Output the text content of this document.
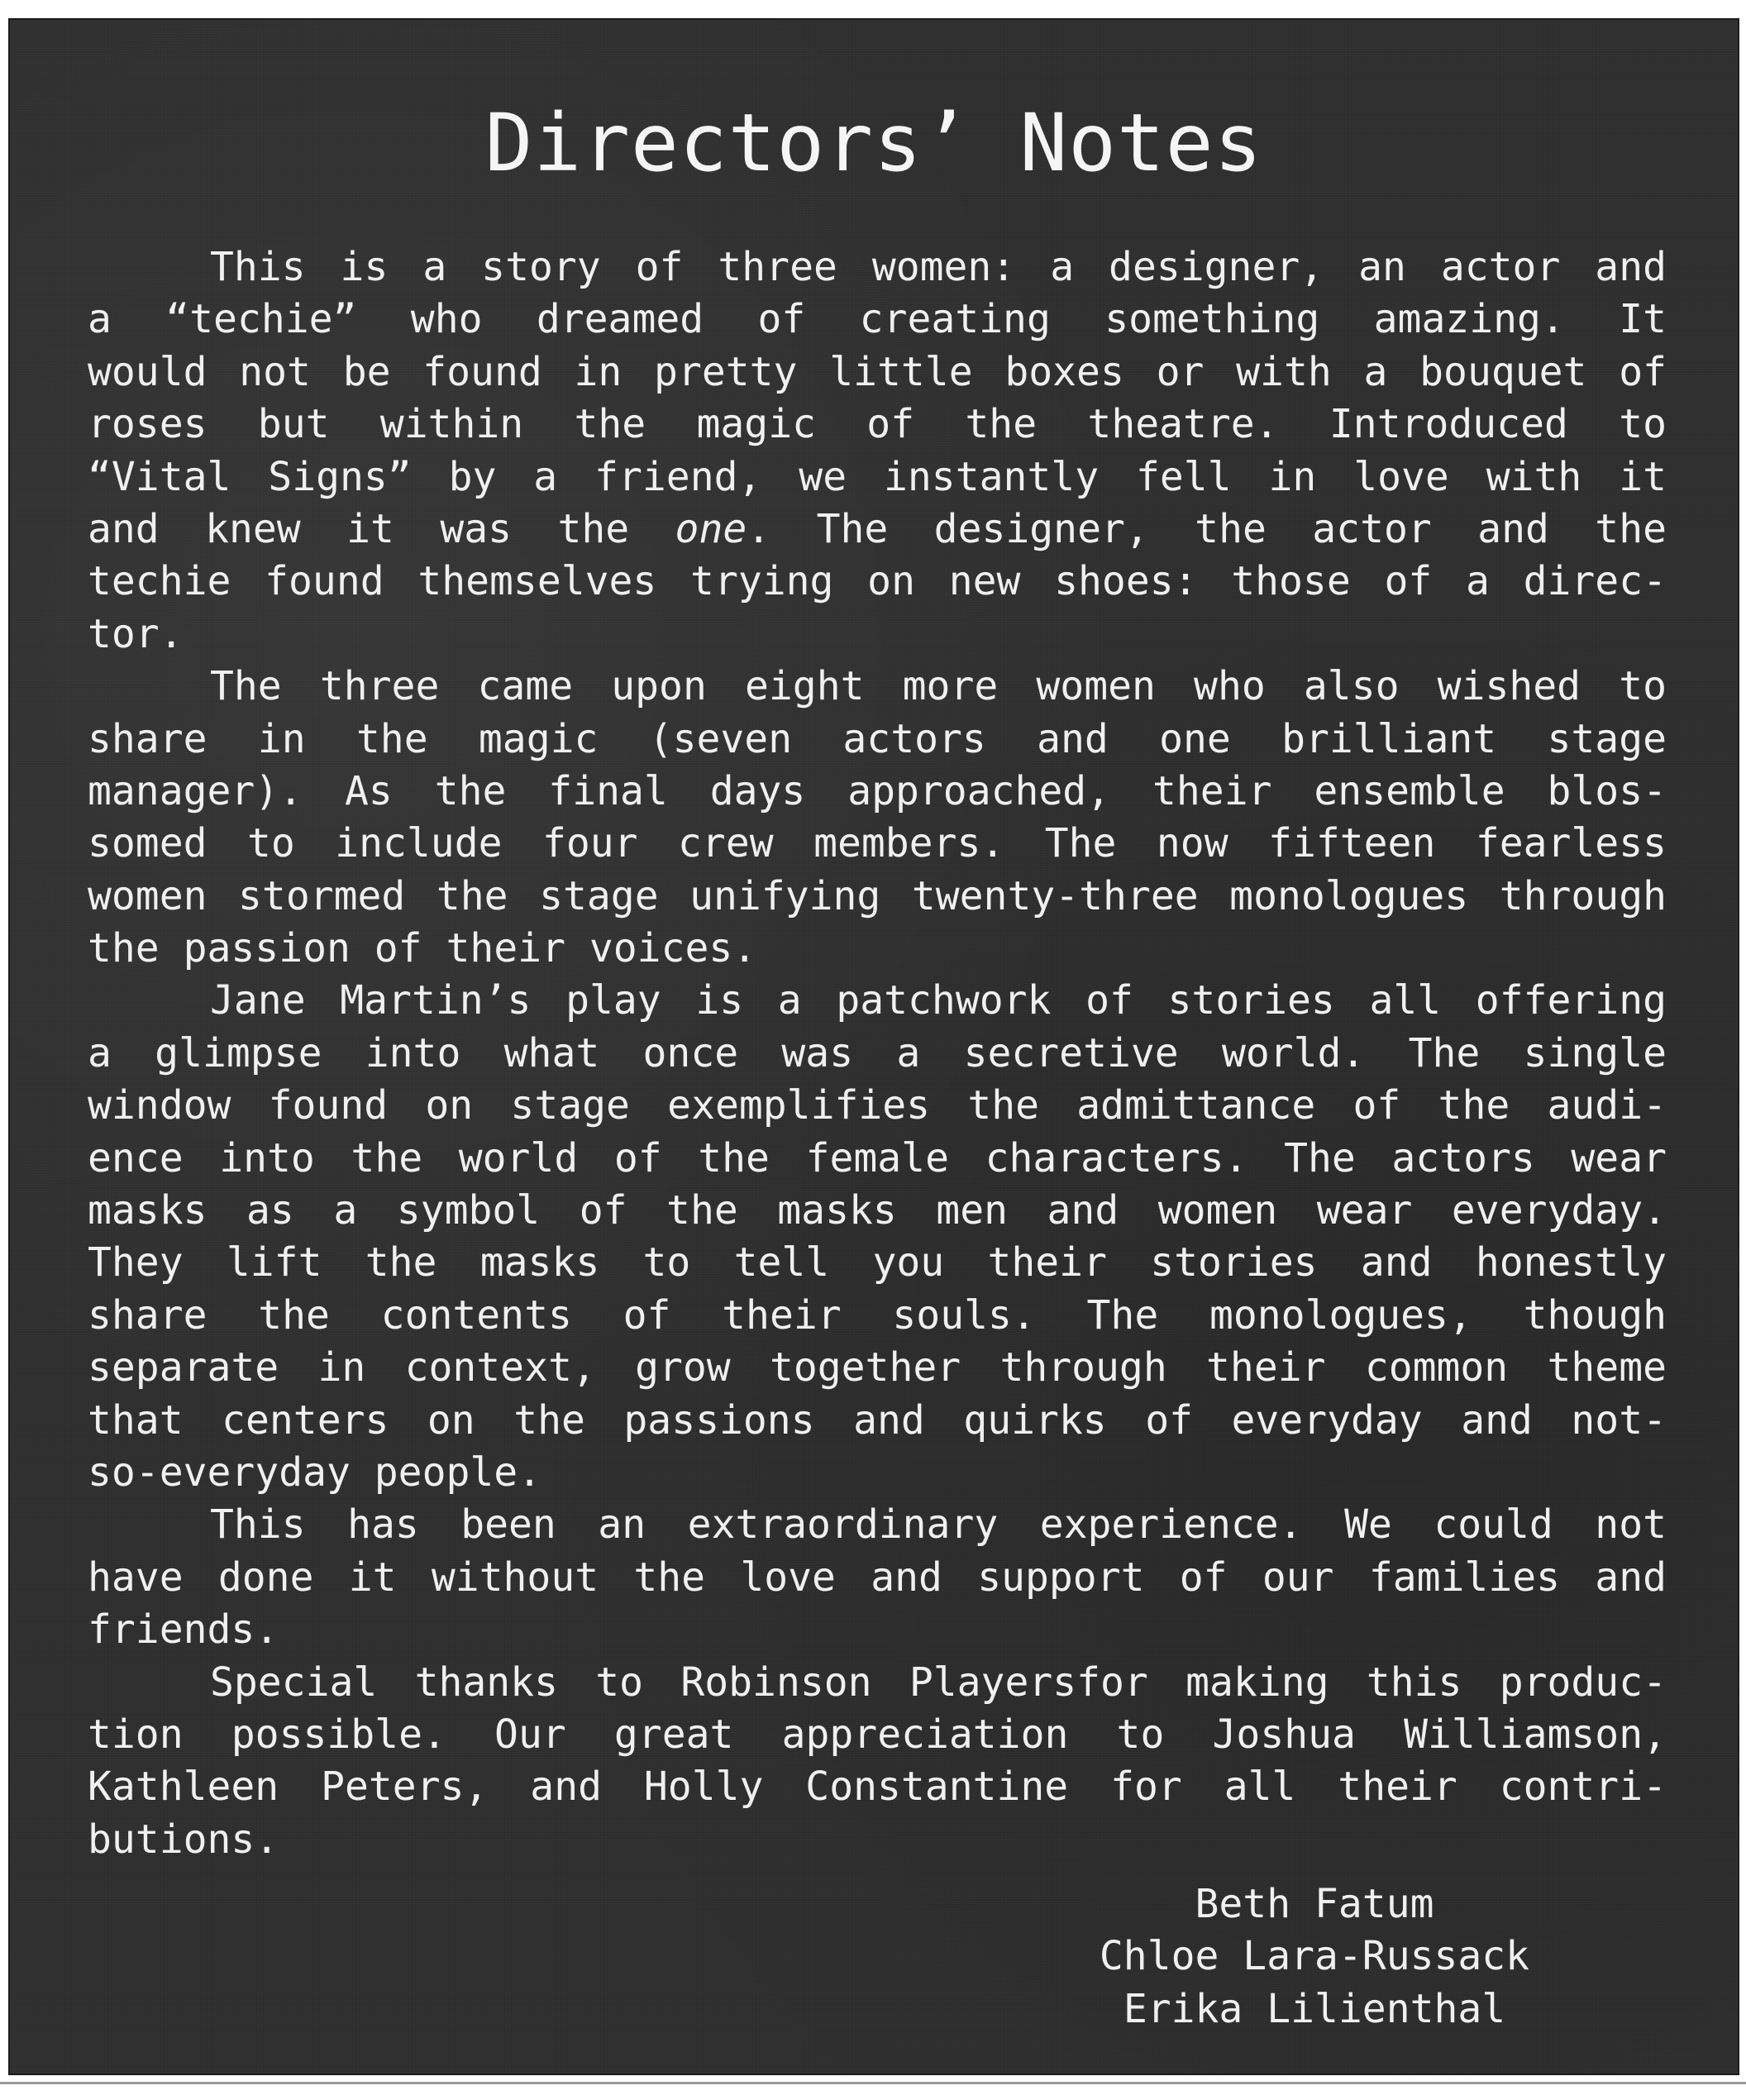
Directors’ Notes
This is a story of three women: a designer, an actor and
a “techie” who dreamed of creating something amazing. It
would not be found in pretty little boxes or with a bouquet of
roses but within the magic of the theatre. Introduced to
“Vital Signs” by a friend, we instantly fell in love with it
and knew it was the one. The designer, the actor and the
techie found themselves trying on new shoes: those of a direc-
tor.
The three came upon eight more women who also wished to
share in the magic (seven actors and one brilliant stage
manager). As the final days approached, their ensemble blos-
somed to include four crew members. The now fifteen fearless
women stormed the stage unifying twenty-three monologues through
the passion of their voices.
Jane Martin’s play is a patchwork of stories all offering
a glimpse into what once was a secretive world. The single
window found on stage exemplifies the admittance of the audi-
ence into the world of the female characters. The actors wear
masks as a symbol of the masks men and women wear everyday.
They lift the masks to tell you their stories and honestly
share the contents of their souls. The monologues, though
separate in context, grow together through their common theme
that centers on the passions and quirks of everyday and not-
so-everyday people.
This has been an extraordinary experience. We could not
have done it without the love and support of our families and
friends.
Special thanks to Robinson Playersfor making this produc-
tion possible. Our great appreciation to Joshua Williamson,
Kathleen Peters, and Holly Constantine for all their contri-
butions.
Beth Fatum
Chloe Lara-Russack
Erika Lilienthal
